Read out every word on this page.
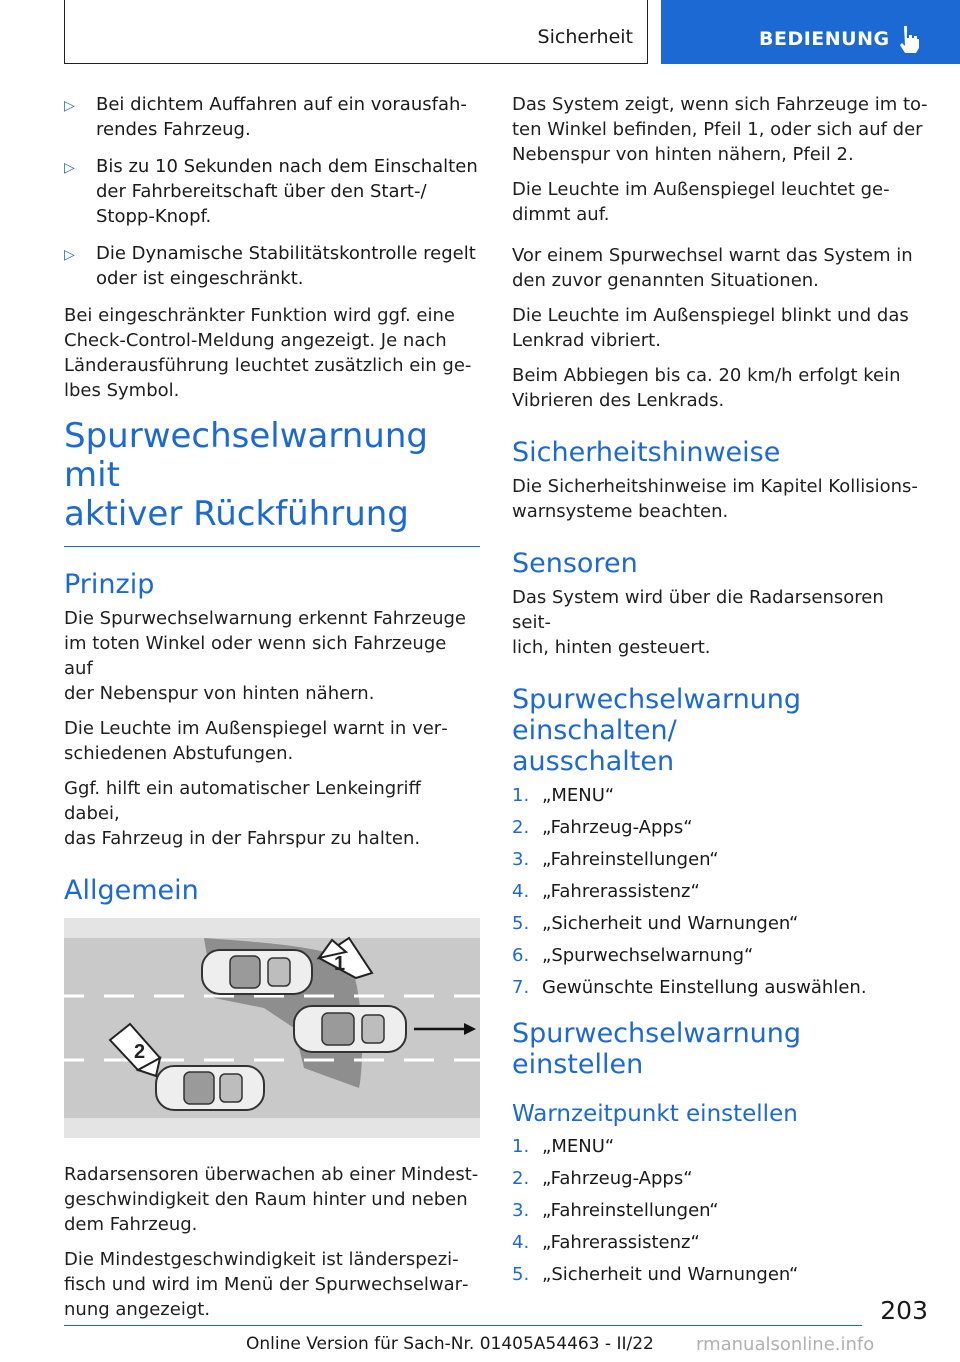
Sicherheit	BEDIENUNG
▷	Bei dichtem Auffahren auf ein vorausfah‐
rendes Fahrzeug.
▷	Bis zu 10 Sekunden nach dem Einschalten
der Fahrbereitschaft über den Start-/
Stopp-Knopf.
▷	Die Dynamische Stabilitätskontrolle regelt
oder ist eingeschränkt.

Bei eingeschränkter Funktion wird ggf. eine
Check-Control-Meldung angezeigt. Je nach
Länderausführung leuchtet zusätzlich ein ge‐
lbes Symbol.

Spurwechselwarnung mit
aktiver Rückführung
Prinzip

Die Spurwechselwarnung erkennt Fahrzeuge
im toten Winkel oder wenn sich Fahrzeuge auf
der Nebenspur von hinten nähern.

Die Leuchte im Außenspiegel warnt in ver‐
schiedenen Abstufungen.

Ggf. hilft ein automatischer Lenkeingriff dabei,
das Fahrzeug in der Fahrspur zu halten.

Allgemein
1
2

Radarsensoren überwachen ab einer Mindest‐
geschwindigkeit den Raum hinter und neben
dem Fahrzeug.

Die Mindestgeschwindigkeit ist länderspezi‐
fisch und wird im Menü der Spurwechselwar‐
nung angezeigt.

Das System zeigt, wenn sich Fahrzeuge im to‐
ten Winkel befinden, Pfeil 1, oder sich auf der
Nebenspur von hinten nähern, Pfeil 2.

Die Leuchte im Außenspiegel leuchtet ge‐
dimmt auf.

Vor einem Spurwechsel warnt das System in
den zuvor genannten Situationen.

Die Leuchte im Außenspiegel blinkt und das
Lenkrad vibriert.

Beim Abbiegen bis ca. 20 km/h erfolgt kein
Vibrieren des Lenkrads.

Sicherheitshinweise

Die Sicherheitshinweise im Kapitel Kollisions‐
warnsysteme beachten.

Sensoren

Das System wird über die Radarsensoren seit‐
lich, hinten gesteuert.

Spurwechselwarnung einschalten/
ausschalten
1. „MENU“
2. „Fahrzeug-Apps“
3. „Fahreinstellungen“
4. „Fahrerassistenz“
5. „Sicherheit und Warnungen“
6. „Spurwechselwarnung“
7. Gewünschte Einstellung auswählen.
Spurwechselwarnung einstellen
Warnzeitpunkt einstellen
1. „MENU“
2. „Fahrzeug-Apps“
3. „Fahreinstellungen“
4. „Fahrerassistenz“
5. „Sicherheit und Warnungen“
203
Online Version für Sach-Nr. 01405A54463 - II/22 rmanualsonline.info
